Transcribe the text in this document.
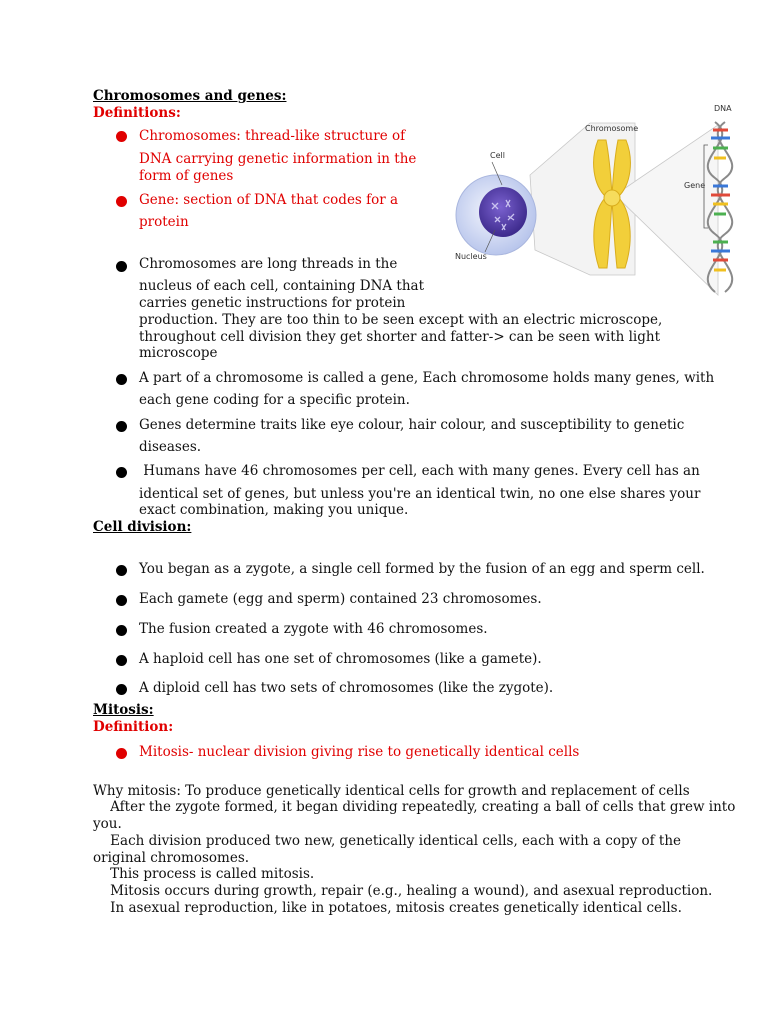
Chromosomes and genes:
Definitions:
Chromosomes: thread-like structure of
DNA carrying genetic information in the
form of genes
Gene: section of DNA that codes for a
protein
Chromosomes are long threads in the
nucleus of each cell, containing DNA that
carries genetic instructions for protein
production. They are too thin to be seen except with an electric microscope,
throughout cell division they get shorter and fatter-> can be seen with light
microscope
A part of a chromosome is called a gene, Each chromosome holds many genes, with
each gene coding for a specific protein.
Genes determine traits like eye colour, hair colour, and susceptibility to genetic
diseases.
Humans have 46 chromosomes per cell, each with many genes. Every cell has an
identical set of genes, but unless you're an identical twin, no one else shares your
exact combination, making you unique.
DNA
Chromosome
Cell
Gene
Nucleus
Cell division:
You began as a zygote, a single cell formed by the fusion of an egg and sperm cell.
Each gamete (egg and sperm) contained 23 chromosomes.
The fusion created a zygote with 46 chromosomes.
A haploid cell has one set of chromosomes (like a gamete).
A diploid cell has two sets of chromosomes (like the zygote).
Mitosis:
Definition:
Mitosis- nuclear division giving rise to genetically identical cells
Why mitosis: To produce genetically identical cells for growth and replacement of cells
After the zygote formed, it began dividing repeatedly, creating a ball of cells that grew into
you.
Each division produced two new, genetically identical cells, each with a copy of the
original chromosomes.
This process is called mitosis.
Mitosis occurs during growth, repair (e.g., healing a wound), and asexual reproduction.
In asexual reproduction, like in potatoes, mitosis creates genetically identical cells.
